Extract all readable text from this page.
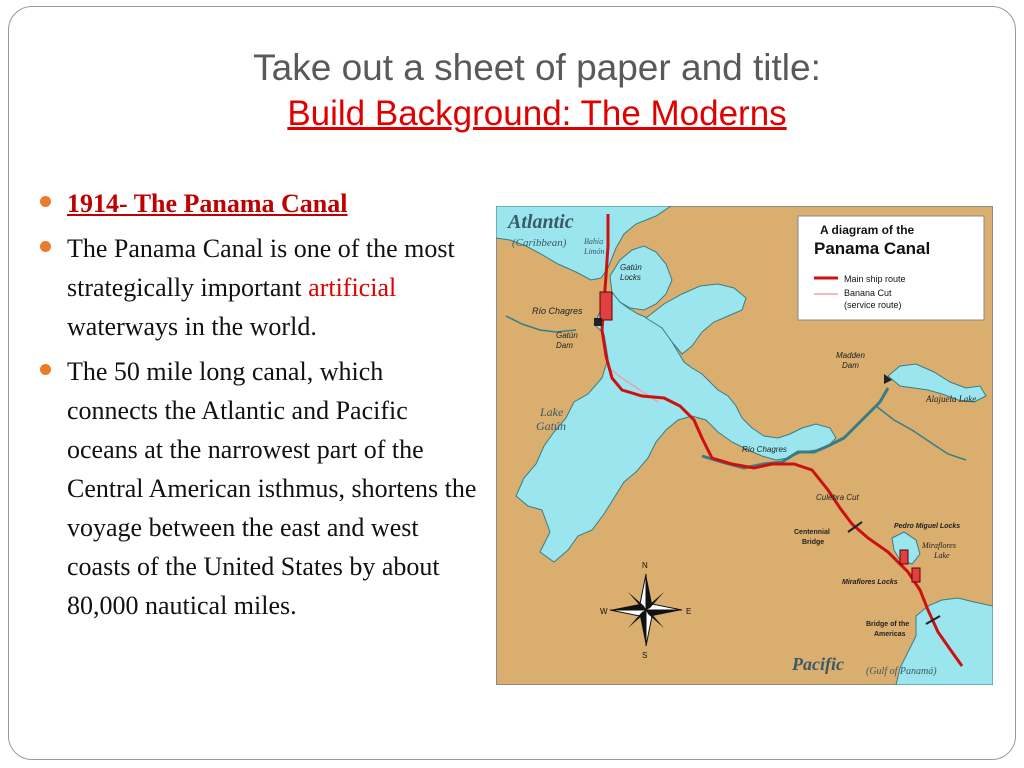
Take out a sheet of paper and title:
Build Background: The Moderns
1914- The Panama Canal
The Panama Canal is one of the most strategically important artificial waterways in the world.
The 50 mile long canal, which connects the Atlantic and Pacific oceans at the narrowest part of the Central American isthmus, shortens the voyage between the east and west coasts of the United States by about 80,000 nautical miles.
A diagram of the
Panama Canal
Main ship route
Banana Cut
(service route)
Atlantic
(Caribbean) Bahía
Limón
Gatún
Locks
Río Chagres
Gatún
Dam
Madden
Dam
Alajuela Lake
Lake
Gatún
Río Chagres
Culebra Cut
Centennial
Bridge
Pedro Miguel Locks
Miraflores
Lake
Miraflores Locks
Bridge of the
Americas
Pacific (Gulf of Panamá)
N
S
E
W
